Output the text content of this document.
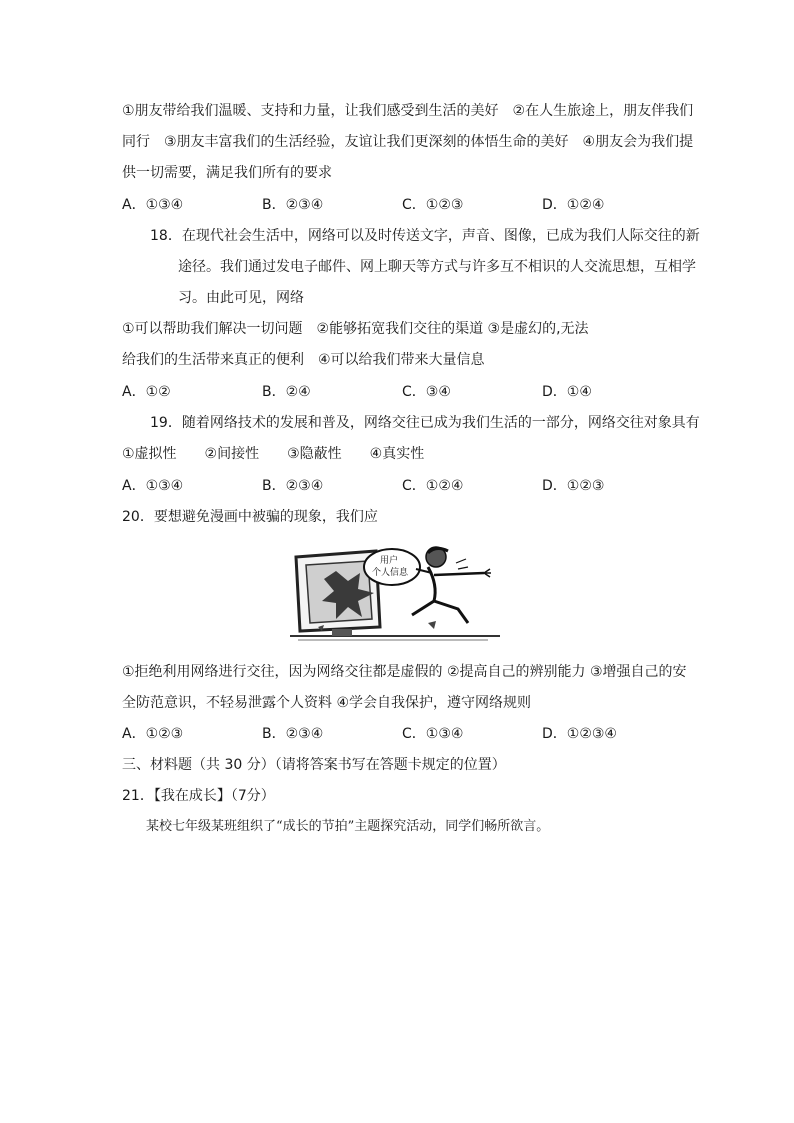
①朋友带给我们温暖、支持和力量，让我们感受到生活的美好　②在人生旅途上，朋友伴我们
同行　③朋友丰富我们的生活经验，友谊让我们更深刻的体悟生命的美好　④朋友会为我们提
供一切需要，满足我们所有的要求
A．①③④	B．②③④	C．①②③	D．①②④
18．在现代社会生活中，网络可以及时传送文字，声音、图像，已成为我们人际交往的新
途径。我们通过发电子邮件、网上聊天等方式与许多互不相识的人交流思想，互相学
习。由此可见，网络
①可以帮助我们解决一切问题　②能够拓宽我们交往的渠道 ③是虚幻的,无法
给我们的生活带来真正的便利　④可以给我们带来大量信息
A．①②	B．②④	C．③④	D．①④
19．随着网络技术的发展和普及，网络交往已成为我们生活的一部分，网络交往对象具有
①虚拟性　　②间接性　　③隐蔽性　　④真实性
A．①③④	B．②③④	C．①②④	D．①②③
20．要想避免漫画中被骗的现象，我们应
用户
个人信息
①拒绝利用网络进行交往，因为网络交往都是虚假的 ②提高自己的辨别能力 ③增强自己的安
全防范意识，不轻易泄露个人资料 ④学会自我保护，遵守网络规则
A．①②③	B．②③④	C．①③④	D．①②③④
三、材料题（共 30 分）（请将答案书写在答题卡规定的位置）
21．【我在成长】（7分）
某校七年级某班组织了“成长的节拍”主题探究活动，同学们畅所欲言。
